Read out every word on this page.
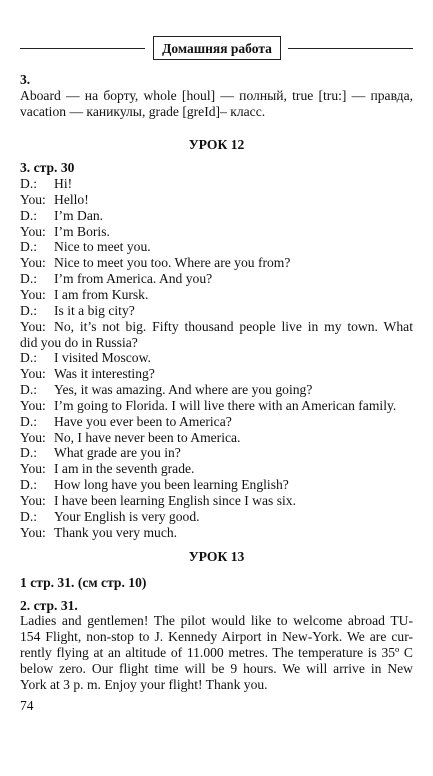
Домашняя работа
3.
Aboard — на борту, whole [houl] — полный, true [tru:] — правда,
vacation — каникулы, grade [greId]– класс.
УРОК 12
3. стр. 30
D.: Hi!
You: Hello!
D.: I’m Dan.
You: I’m Boris.
D.: Nice to meet you.
You: Nice to meet you too. Where are you from?
D.: I’m from America. And you?
You: I am from Kursk.
D.: Is it a big city?
You: No, it’s not big. Fifty thousand people live in my town. What
did you do in Russia?
D.: I visited Moscow.
You: Was it interesting?
D.: Yes, it was amazing. And where are you going?
You: I’m going to Florida. I will live there with an American family.
D.: Have you ever been to America?
You: No, I have never been to America.
D.: What grade are you in?
You: I am in the seventh grade.
D.: How long have you been learning English?
You: I have been learning English since I was six.
D.: Your English is very good.
You: Thank you very much.
УРОК 13
1 стр. 31. (см стр. 10)
2. стр. 31.
Ladies and gentlemen! The pilot would like to welcome abroad TU-
154 Flight, non-stop to J. Kennedy Airport in New-York. We are cur-
rently flying at an altitude of 11.000 metres. The temperature is 35º C
below zero. Our flight time will be 9 hours. We will arrive in New
York at 3 p. m. Enjoy your flight! Thank you.
74
